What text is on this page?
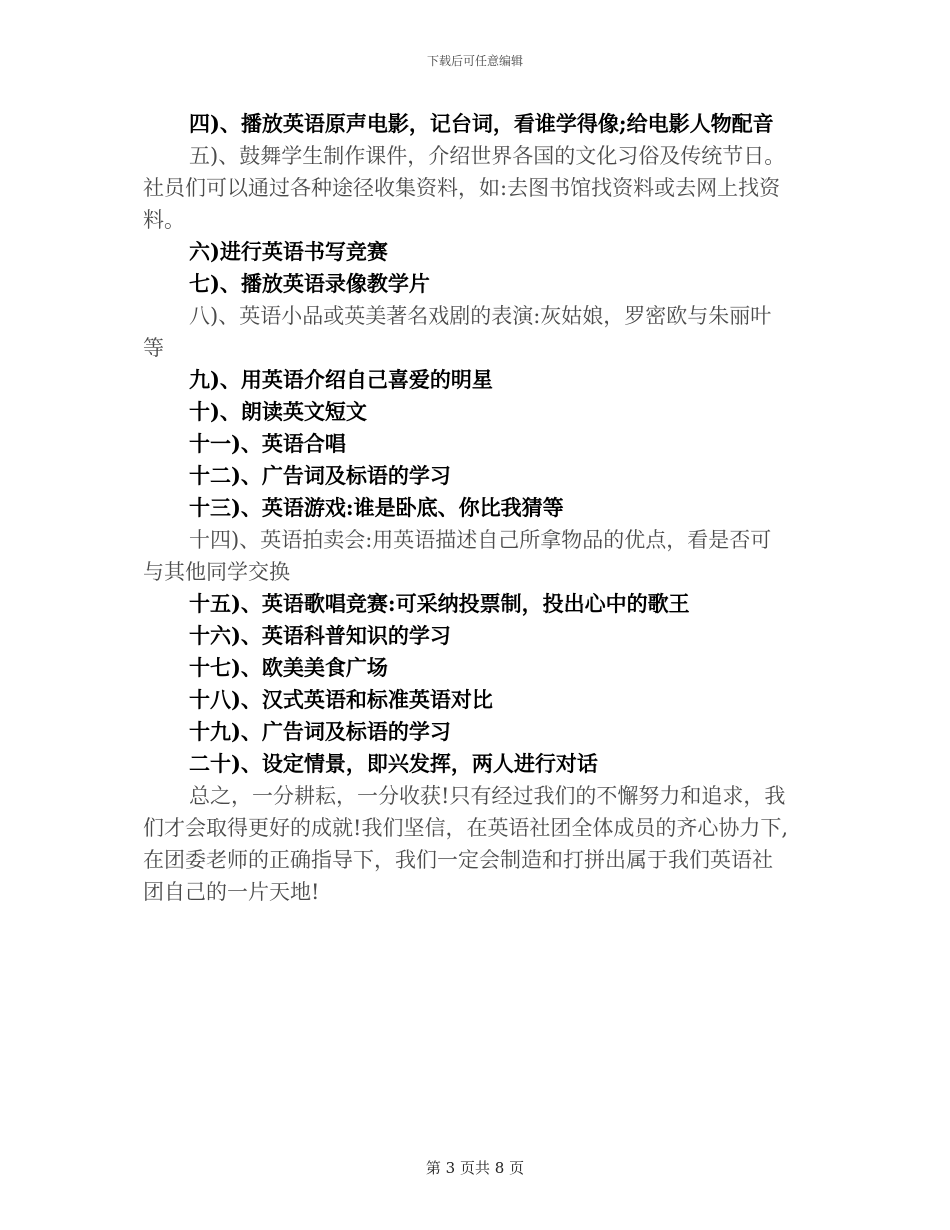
下载后可任意编辑

四)、播放英语原声电影，记台词，看谁学得像;给电影人物配音

五)、鼓舞学生制作课件，介绍世界各国的文化习俗及传统节日。

社员们可以通过各种途径收集资料，如:去图书馆找资料或去网上找资

料。

六)进行英语书写竞赛

七)、播放英语录像教学片

八)、英语小品或英美著名戏剧的表演:灰姑娘，罗密欧与朱丽叶

等

九)、用英语介绍自己喜爱的明星

十)、朗读英文短文

十一)、英语合唱

十二)、广告词及标语的学习

十三)、英语游戏:谁是卧底、你比我猜等

十四)、英语拍卖会:用英语描述自己所拿物品的优点，看是否可

与其他同学交换

十五)、英语歌唱竞赛:可采纳投票制，投出心中的歌王

十六)、英语科普知识的学习

十七)、欧美美食广场

十八)、汉式英语和标准英语对比

十九)、广告词及标语的学习

二十)、设定情景，即兴发挥，两人进行对话

总之，一分耕耘，一分收获!只有经过我们的不懈努力和追求，我

们才会取得更好的成就!我们坚信，在英语社团全体成员的齐心协力下,

在团委老师的正确指导下，我们一定会制造和打拼出属于我们英语社

团自己的一片天地!

第 3 页共 8 页
